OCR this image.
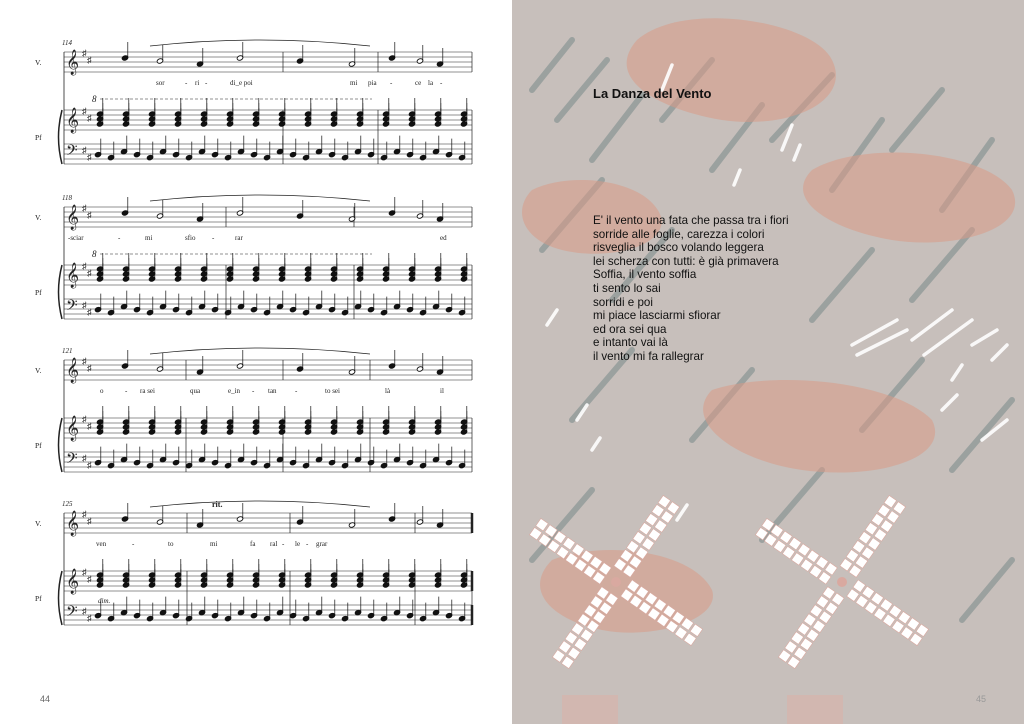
𝄞
𝄞
𝄢
♯
♯
♯
♯
♯
♯
114
V.
Pf
sor	- ri -	di_e poi	mi pia -	ce la -
8
𝄞
𝄞
𝄢
♯
♯
♯
♯
♯
♯
118
V.
Pf
-sciar	-	mi	sfio -	rar	ed
8
𝄞
𝄞
𝄢
♯
♯
♯
♯
♯
♯
121
V.
Pf
o	- ra sei	qua	e_in - tan	-	to sei	là	il
𝄞
𝄞
𝄢
♯
♯
♯
♯
♯
♯
125
V.
Pf
ven	-	to	mi	fa ral - le - grar
rit.
dim.
44
La Danza del Vento
E' il vento una fata che passa tra i fiori
sorride alle foglie, carezza i colori
risveglia il bosco volando leggera
lei scherza con tutti: è già primavera
Soffia, il vento soffia
ti sento lo sai
sorridi e poi
mi piace lasciarmi sfiorar
ed ora sei qua
e intanto vai là
il vento mi fa rallegrar
45
